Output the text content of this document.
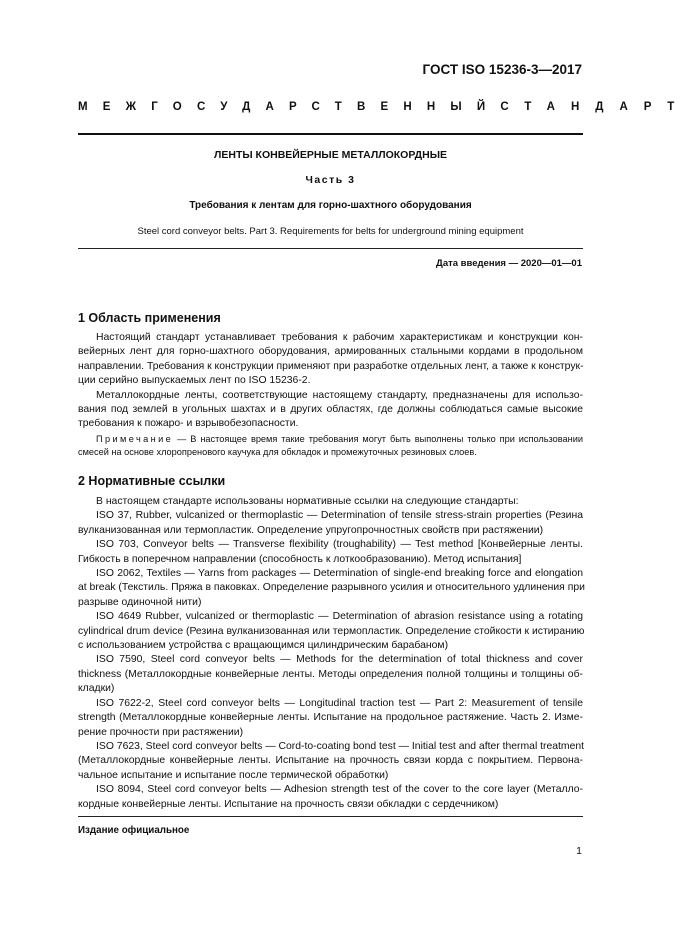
ГОСТ ISO 15236-3—2017
МЕЖГОСУДАРСТВЕННЫЙ СТАНДАРТ
ЛЕНТЫ КОНВЕЙЕРНЫЕ МЕТАЛЛОКОРДНЫЕ
Часть 3
Требования к лентам для горно-шахтного оборудования
Steel cord conveyor belts. Part 3. Requirements for belts for underground mining equipment
Дата введения — 2020—01—01
1 Область применения
Настоящий стандарт устанавливает требования к рабочим характеристикам и конструкции кон-
вейерных лент для горно-шахтного оборудования, армированных стальными кордами в продольном
направлении. Требования к конструкции применяют при разработке отдельных лент, а также к конструк-
ции серийно выпускаемых лент по ISO 15236-2.
Металлокордные ленты, соответствующие настоящему стандарту, предназначены для использо-
вания под землей в угольных шахтах и в других областях, где должны соблюдаться самые высокие
требования к пожаро- и взрывобезопасности.
Примечание — В настоящее время такие требования могут быть выполнены только при использовании
смесей на основе хлоропренового каучука для обкладок и промежуточных резиновых слоев.
2 Нормативные ссылки
В настоящем стандарте использованы нормативные ссылки на следующие стандарты:
ISO 37, Rubber, vulcanized or thermoplastic — Determination of tensile stress-strain properties (Резина
вулканизованная или термопластик. Определение упругопрочностных свойств при растяжении)
ISO 703, Conveyor belts — Transverse flexibility (troughability) — Test method [Конвейерные ленты.
Гибкость в поперечном направлении (способность к лоткообразованию). Метод испытания]
ISO 2062, Textiles — Yarns from packages — Determination of single-end breaking force and elongation
at break (Текстиль. Пряжа в паковках. Определение разрывного усилия и относительного удлинения при
разрыве одиночной нити)
ISO 4649 Rubber, vulcanized or thermoplastic — Determination of abrasion resistance using a rotating
cylindrical drum device (Резина вулканизованная или термопластик. Определение стойкости к истиранию
с использованием устройства с вращающимся цилиндрическим барабаном)
ISO 7590, Steel cord conveyor belts — Methods for the determination of total thickness and cover
thickness (Металлокордные конвейерные ленты. Методы определения полной толщины и толщины об-
кладки)
ISO 7622-2, Steel cord conveyor belts — Longitudinal traction test — Part 2: Measurement of tensile
strength (Металлокордные конвейерные ленты. Испытание на продольное растяжение. Часть 2. Изме-
рение прочности при растяжении)
ISO 7623, Steel cord conveyor belts — Cord-to-coating bond test — Initial test and after thermal treatment
(Металлокордные конвейерные ленты. Испытание на прочность связи корда с покрытием. Первона-
чальное испытание и испытание после термической обработки)
ISO 8094, Steel cord conveyor belts — Adhesion strength test of the cover to the core layer (Металло-
кордные конвейерные ленты. Испытание на прочность связи обкладки с сердечником)
Издание официальное
1
